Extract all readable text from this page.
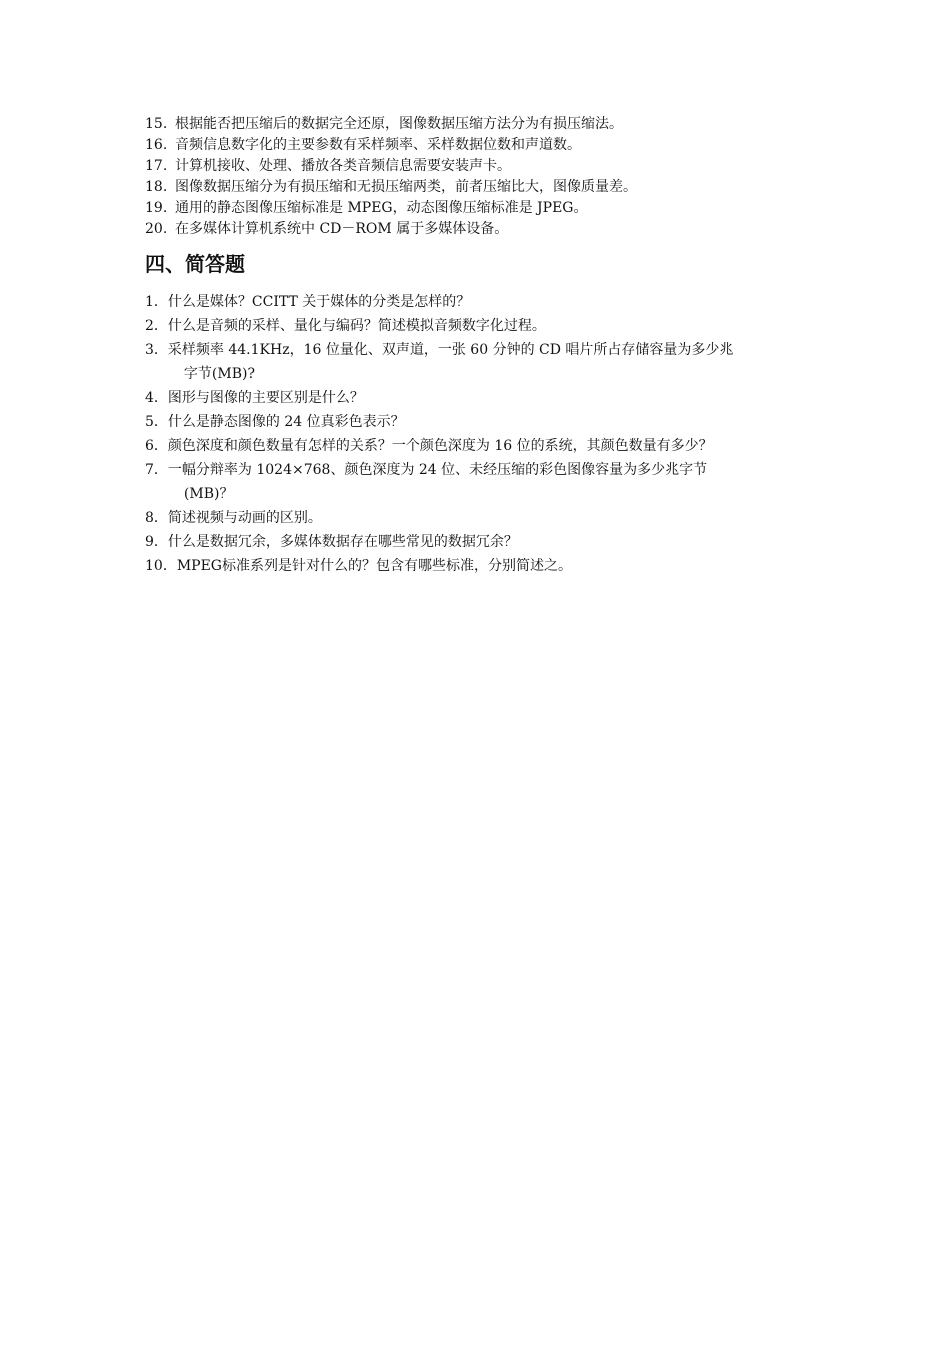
15. 根据能否把压缩后的数据完全还原，图像数据压缩方法分为有损压缩法。
16. 音频信息数字化的主要参数有采样频率、采样数据位数和声道数。
17. 计算机接收、处理、播放各类音频信息需要安装声卡。
18. 图像数据压缩分为有损压缩和无损压缩两类，前者压缩比大，图像质量差。
19. 通用的静态图像压缩标准是 MPEG，动态图像压缩标准是 JPEG。
20. 在多媒体计算机系统中 CD－ROM 属于多媒体设备。
四、简答题
1． 什么是媒体？CCITT 关于媒体的分类是怎样的？
2． 什么是音频的采样、量化与编码？简述模拟音频数字化过程。
3． 采样频率 44.1KHz，16 位量化、双声道，一张 60 分钟的 CD 唱片所占存储容量为多少兆
字节(MB)?
4． 图形与图像的主要区别是什么？
5． 什么是静态图像的 24 位真彩色表示？
6． 颜色深度和颜色数量有怎样的关系？一个颜色深度为 16 位的系统，其颜色数量有多少？
7． 一幅分辩率为 1024×768、颜色深度为 24 位、未经压缩的彩色图像容量为多少兆字节
(MB)？
8． 简述视频与动画的区别。
9． 什么是数据冗余，多媒体数据存在哪些常见的数据冗余？
10． MPEG标准系列是针对什么的？包含有哪些标准，分别简述之。
